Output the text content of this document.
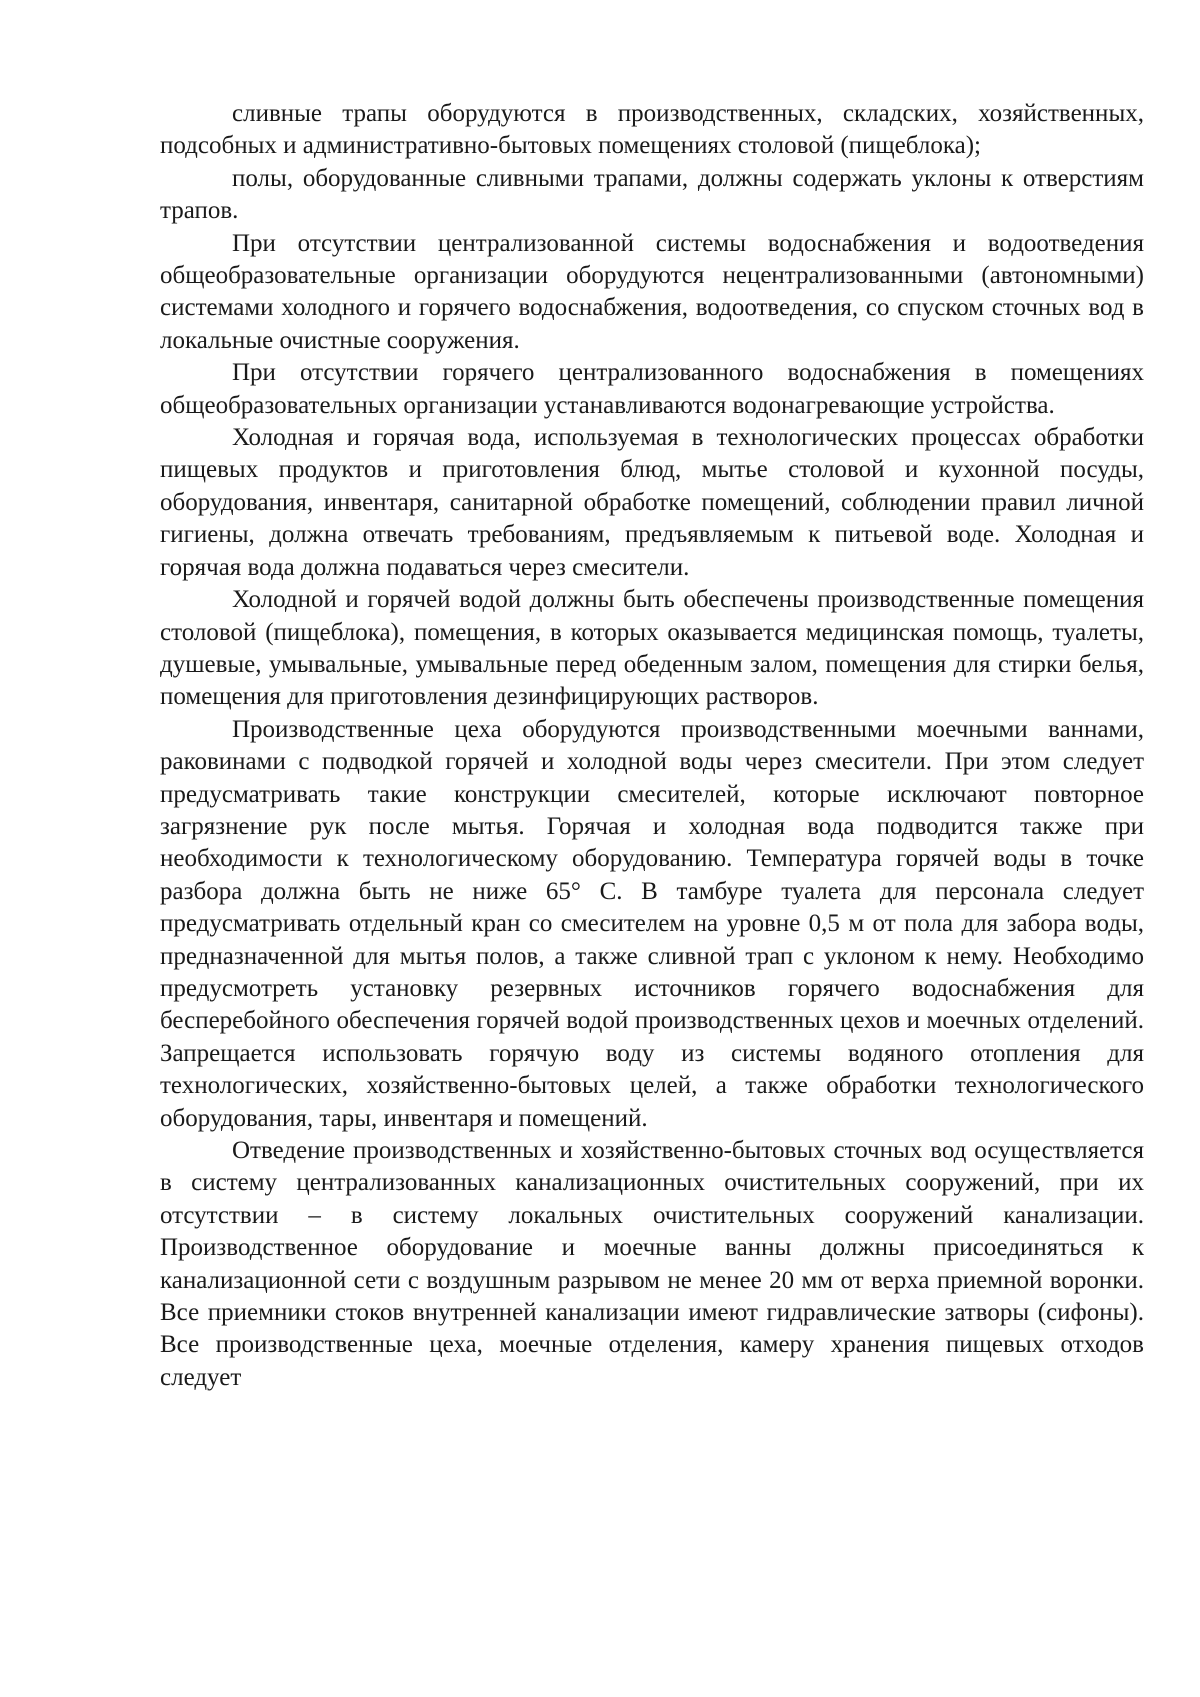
сливные трапы оборудуются в производственных, складских, хозяйственных, подсобных и административно-бытовых помещениях столовой (пищеблока);

полы, оборудованные сливными трапами, должны содержать уклоны к отверстиям трапов.

При отсутствии централизованной системы водоснабжения и водоотведения общеобразовательные организации оборудуются нецентрализованными (автономными) системами холодного и горячего водоснабжения, водоотведения, со спуском сточных вод в локальные очистные сооружения.

При отсутствии горячего централизованного водоснабжения в помещениях общеобразовательных организации устанавливаются водонагревающие устройства.

Холодная и горячая вода, используемая в технологических процессах обработки пищевых продуктов и приготовления блюд, мытье столовой и кухонной посуды, оборудования, инвентаря, санитарной обработке помещений, соблюдении правил личной гигиены, должна отвечать требованиям, предъявляемым к питьевой воде. Холодная и горячая вода должна подаваться через смесители.

Холодной и горячей водой должны быть обеспечены производственные помещения столовой (пищеблока), помещения, в которых оказывается медицинская помощь, туалеты, душевые, умывальные, умывальные перед обеденным залом, помещения для стирки белья, помещения для приготовления дезинфицирующих растворов.

Производственные цеха оборудуются производственными моечными ваннами, раковинами с подводкой горячей и холодной воды через смесители. При этом следует предусматривать такие конструкции смесителей, которые исключают повторное загрязнение рук после мытья. Горячая и холодная вода подводится также при необходимости к технологическому оборудованию. Температура горячей воды в точке разбора должна быть не ниже 65° С. В тамбуре туалета для персонала следует предусматривать отдельный кран со смесителем на уровне 0,5 м от пола для забора воды, предназначенной для мытья полов, а также сливной трап с уклоном к нему. Необходимо предусмотреть установку резервных источников горячего водоснабжения для бесперебойного обеспечения горячей водой производственных цехов и моечных отделений. Запрещается использовать горячую воду из системы водяного отопления для технологических, хозяйственно-бытовых целей, а также обработки технологического оборудования, тары, инвентаря и помещений.

Отведение производственных и хозяйственно-бытовых сточных вод осуществляется в систему централизованных канализационных очистительных сооружений, при их отсутствии – в систему локальных очистительных сооружений канализации. Производственное оборудование и моечные ванны должны присоединяться к канализационной сети с воздушным разрывом не менее 20 мм от верха приемной воронки. Все приемники стоков внутренней канализации имеют гидравлические затворы (сифоны). Все производственные цеха, моечные отделения, камеру хранения пищевых отходов следует
